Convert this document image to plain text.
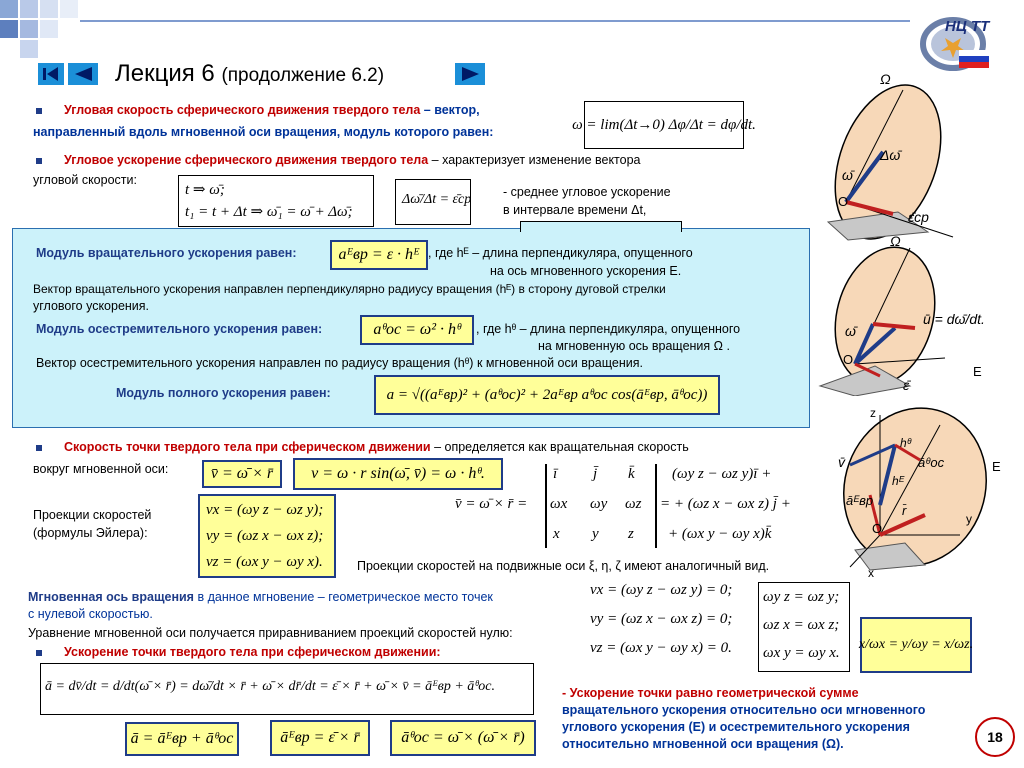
Лекция 6 (продолжение 6.2)
НЦ ТТ
Угловая скорость сферического движения твердого тела – вектор,
направленный вдоль мгновенной оси вращения, модуль которого равен:	ω = lim(Δt→0) Δφ/Δt = dφ/dt.
Угловое ускорение сферического движения твердого тела – характеризует изменение вектора
угловой скорости:
t ⇒ ω̄;
t₁ = t + Δt ⇒ ω̄₁ = ω̄ + Δω̄;
Δω̄/Δt = ε̄ср	- среднее угловое ускорение
в интервале времени Δt,
Модуль вращательного ускорения равен:	aᴱвр = ε · hᴱ , где hᴱ – длина перпендикуляра, опущенного
на ось мгновенного ускорения E.
Вектор вращательного ускорения направлен перпендикулярно радиусу вращения (hᴱ) в сторону дуговой стрелки
углового ускорения.
Модуль осестремительного ускорения равен:	aᶿос = ω² · hᶿ , где hᶿ – длина перпендикуляра, опущенного
на мгновенную ось вращения Ω .
Вектор осестремительного ускорения направлен по радиусу вращения (hᶿ) к мгновенной оси вращения.
Модуль полного ускорения равен:	a = √((aᴱвр)² + (aᶿос)² + 2aᴱвр aᶿос cos(āᴱвр, āᶿос))
Скорость точки твердого тела при сферическом движении – определяется как вращательная скорость
вокруг мгновенной оси:	v̄ = ω̄ × r̄ v = ω · r sin(ω̄, v̄) = ω · hᶿ.
Проекции скоростей
(формулы Эйлера):
vx = (ωy z − ωz y);
vy = (ωz x − ωx z);
vz = (ωx y − ωy x).
v̄ = ω̄ × r̄ =
ī j̄ k̄
ωx ωy ωz
x y z
(ωy z − ωz y)ī +
= + (ωz x − ωx z) j̄ +
+ (ωx y − ωy x)k̄
Проекции скоростей на подвижные оси ξ, η, ζ имеют аналогичный вид.
Мгновенная ось вращения в данное мгновение – геометрическое место точек
с нулевой скоростью.
Уравнение мгновенной оси получается приравниванием проекций скоростей нулю:
vx = (ωy z − ωz y) = 0;
vy = (ωz x − ωx z) = 0;
vz = (ωx y − ωy x) = 0.
ωy z = ωz y;
ωz x = ωx z;
ωx y = ωy x.
x/ωx = y/ωy = x/ωz.
Ускорение точки твердого тела при сферическом движении:
ā = dv̄/dt = d/dt(ω̄ × r̄) = dω̄/dt × r̄ + ω̄ × dr̄/dt = ε̄ × r̄ + ω̄ × v̄ = āᴱвр + āᶿос.
ā = āᴱвр + āᶿос	āᴱвр = ε̄ × r̄	āᶿос = ω̄ × (ω̄ × r̄)
- Ускорение точки равно геометрической сумме
вращательного ускорения относительно оси мгновенного
углового ускорения (E) и осестремительного ускорения
относительно мгновенной оси вращения (Ω).	18
Ω
ω̄
Δω̄
O
ε̄ср
Ω
ω̄
ū = dω̄/dt.
O
ε̄
E
z
v̄
hᶿ
āᶿос
hᴱ
āᴱвр
O
r̄
E
y
x
